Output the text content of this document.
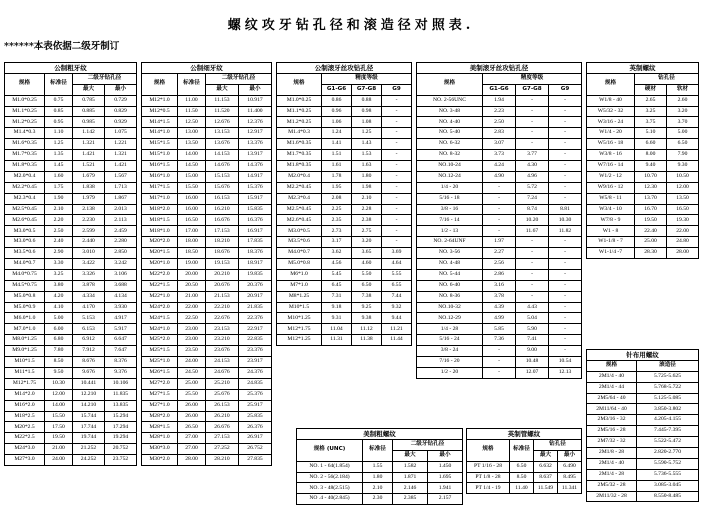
螺纹攻牙钻孔径和滚造径对照表.
******本表依据二级牙制订
公制粗牙纹			
规格	标准径	二级牙钻孔径	
		最大	最小
M1.0*0.25	0.75	0.785	0.729
M1.1*0.25	0.85	0.885	0.829
M1.2*0.25	0.95	0.985	0.929
M1.4*0.3	1.10	1.142	1.075
M1.6*0.35	1.25	1.321	1.221
M1.7*0.35	1.35	1.421	1.321
M1.8*0.35	1.45	1.521	1.421
M2.0*0.4	1.60	1.679	1.567
M2.2*0.45	1.75	1.838	1.713
M2.3*0.4	1.90	1.979	1.867
M2.5*0.45	2.10	2.138	2.013
M2.6*0.45	2.20	2.230	2.113
M3.0*0.5	2.50	2.599	2.459
M3.0*0.6	2.40	2.440	2.280
M3.5*0.6	2.90	3.010	2.850
M4.0*0.7	3.30	3.422	3.242
M4.0*0.75	3.25	3.326	3.106
M4.5*0.75	3.80	3.878	3.688
M5.0*0.8	4.20	4.334	4.134
M5.0*0.9	4.10	4.170	3.930
M6.0*1.0	5.00	5.153	4.917
M7.0*1.0	6.00	6.153	5.917
M8.0*1.25	6.80	6.912	6.647
M9.0*1.25	7.80	7.912	7.647
M10*1.5	8.50	8.676	8.376
M11*1.5	9.50	9.676	9.376
M12*1.75	10.30	10.441	10.106
M14*2.0	12.00	12.210	11.835
M16*2.0	14.00	14.210	13.835
M18*2.5	15.50	15.744	15.294
M20*2.5	17.50	17.744	17.294
M22*2.5	19.50	19.744	19.294
M24*3.0	21.00	21.252	20.752
M27*3.0	24.00	24.252	23.752
公制细牙纹			
规格	标准径	二级牙钻孔径	
		最大	最小
M12*1.0	11.00	11.153	10.917
M12*0.5	11.50	11.520	11.400
M14*1.5	12.50	12.676	12.376
M14*1.0	13.00	13.153	12.917
M15*1.5	13.50	13.676	13.376
M15*1.0	14.00	14.153	13.917
M16*1.5	14.50	14.676	14.376
M16*1.0	15.00	15.153	14.917
M17*1.5	15.50	15.676	15.376
M17*1.0	16.00	16.153	15.917
M18*2.0	16.00	16.210	15.835
M18*1.5	16.50	16.676	16.376
M18*1.0	17.00	17.153	16.917
M20*2.0	18.00	18.210	17.835
M20*1.5	18.50	18.676	18.376
M20*1.0	19.00	19.153	18.917
M22*2.0	20.00	20.210	19.835
M22*1.5	20.50	20.676	20.376
M22*1.0	21.00	21.153	20.917
M24*2.0	22.00	22.210	21.835
M24*1.5	22.50	22.676	22.376
M24*1.0	23.00	23.153	22.917
M25*2.0	23.00	23.210	22.835
M25*1.5	23.50	23.676	23.376
M25*1.0	24.00	24.153	23.917
M26*1.5	24.50	24.676	24.376
M27*2.0	25.00	25.210	24.835
M27*1.5	25.50	25.676	25.376
M27*1.0	26.00	26.153	25.917
M28*2.0	26.00	26.210	25.835
M28*1.5	26.50	26.676	26.376
M28*1.0	27.00	27.153	26.917
M30*3.0	27.00	27.252	26.752
M30*2.0	28.00	28.210	27.835
公制滚牙丝攻钻孔径			
规格	精度等级		
	G1-G6	G7-G8	G9
M1.0*0.25	0.86	0.88	-
M1.1*0.25	0.96	0.98	-
M1.2*0.25	1.06	1.08	-
M1.4*0.3	1.24	1.25	-
M1.6*0.35	1.41	1.43	-
M1.7*0.35	1.51	1.53	-
M1.8*0.35	1.61	1.63	-
M2.0*0.4	1.78	1.80	-
M2.2*0.45	1.95	1.98	-
M2.3*0.4	2.08	2.10	-
M2.5*0.45	2.25	2.28	-
M2.6*0.45	2.35	2.38	-
M3.0*0.5	2.73	2.75	-
M3.5*0.6	3.17	3.20	-
M4.0*0.7	3.62	3.65	3.69
M5.0*0.8	4.56	4.60	4.64
M6*1.0	5.45	5.50	5.55
M7*1.0	6.45	6.50	6.55
M8*1.25	7.31	7.38	7.44
M10*1.5	9.18	9.25	9.32
M10*1.25	9.31	9.38	9.44
M12*1.75	11.04	11.12	11.21
M12*1.25	11.31	11.38	11.44
美制滚牙丝攻钻孔径			
规格	精度等级		
	G1-G6	G7-G8	G9
NO. 2-56UNC	1.94	-	-
NO. 3-48	2.23	-	-
NO. 4-40	2.50	-	-
NO. 5-40	2.83	-	-
NO. 6-32	3.07	-	-
NO. 8-32	3.73	3.77	-
NO.10-24	4.24	4.30	-
NO.12-24	4.90	4.96	-
1/4 - 20	-	5.72	-
5/16 - 18	-	7.24	-
3/8 - 16	-	8.74	8.81
7/16 - 14	-	10.20	10.30
1/2 - 13	-	11.67	11.82
NO. 2-64UNF	1.97	-	-
NO. 3-56	2.27	-	-
NO. 4-48	2.56	-	-
NO. 5-44	2.86	-	-
NO. 6-40	3.16	-	-
NO. 8-36	3.78	-	-
NO.10-32	4.39	4.43	-
NO.12-29	4.99	5.04	-
1/4 - 28	5.85	5.90	-
5/16 - 24	7.36	7.41	-
3/8 - 24	-	9.00	-
7/16 - 20	-	10.48	10.54
1/2 - 20	-	12.07	12.13
英制螺纹		
规格	钻孔径	
	硬材	软材
W1/8 - 40	2.65	2.60
W5/32 - 32	3.25	3.20
W3/16 - 24	3.75	3.70
W1/4 - 20	5.10	5.00
W5/16 - 18	6.60	6.50
W3/8 - 16	8.00	7.90
W7/16 - 14	9.40	9.30
W1/2 - 12	10.70	10.50
W9/16 - 12	12.30	12.00
W5/8 - 11	13.70	13.50
W3/4 - 10	16.70	16.50
W7/8 - 9	19.50	19.30
W1 - 8	22.40	22.00
W1-1/8 - 7	25.00	24.80
W1-1/4 -7	28.30	28.00
针布用螺纹	
规格	滚造径
2M1/4 - 40	5.725-5.625
2M1/4 - 44	5.768-5.722
2M5/64 - 40	5.125-5.085
2M11/64 - 40	3.850-3.802
2M3/16 - 32	4.205-4.155
2M5/16 - 28	7.445-7.395
2M7/32 - 32	5.522-5.472
2M1/8 - 28	2.820-2.770
2M1/4 - 40	5.590-5.752
2M1/4 - 28	5.736-5.555
2M5/32 - 28	3.085-3.045
2M11/32 - 28	8.550-8.485
美制粗螺纹			
规格 (UNC)	标准径	二级牙钻孔径	
		最大	最小
NO. 1 - 64(1.854)	1.55	1.582	1.450
NO. 2 - 56(2.184)	1.80	1.871	1.695
NO. 3 - 48(2.515)	2.10	2.146	1.941
NO .4 - 40(2.845)	2.30	2.385	2.157
英制管螺纹			
规格	标准径	钻孔径	
		最大	最小
PT 1/16 - 28	6.50	6.632	6.490
PT 1/8 - 28	8.50	8.637	8.495
PT 1/4 - 19	11.40	11.549	11.341
